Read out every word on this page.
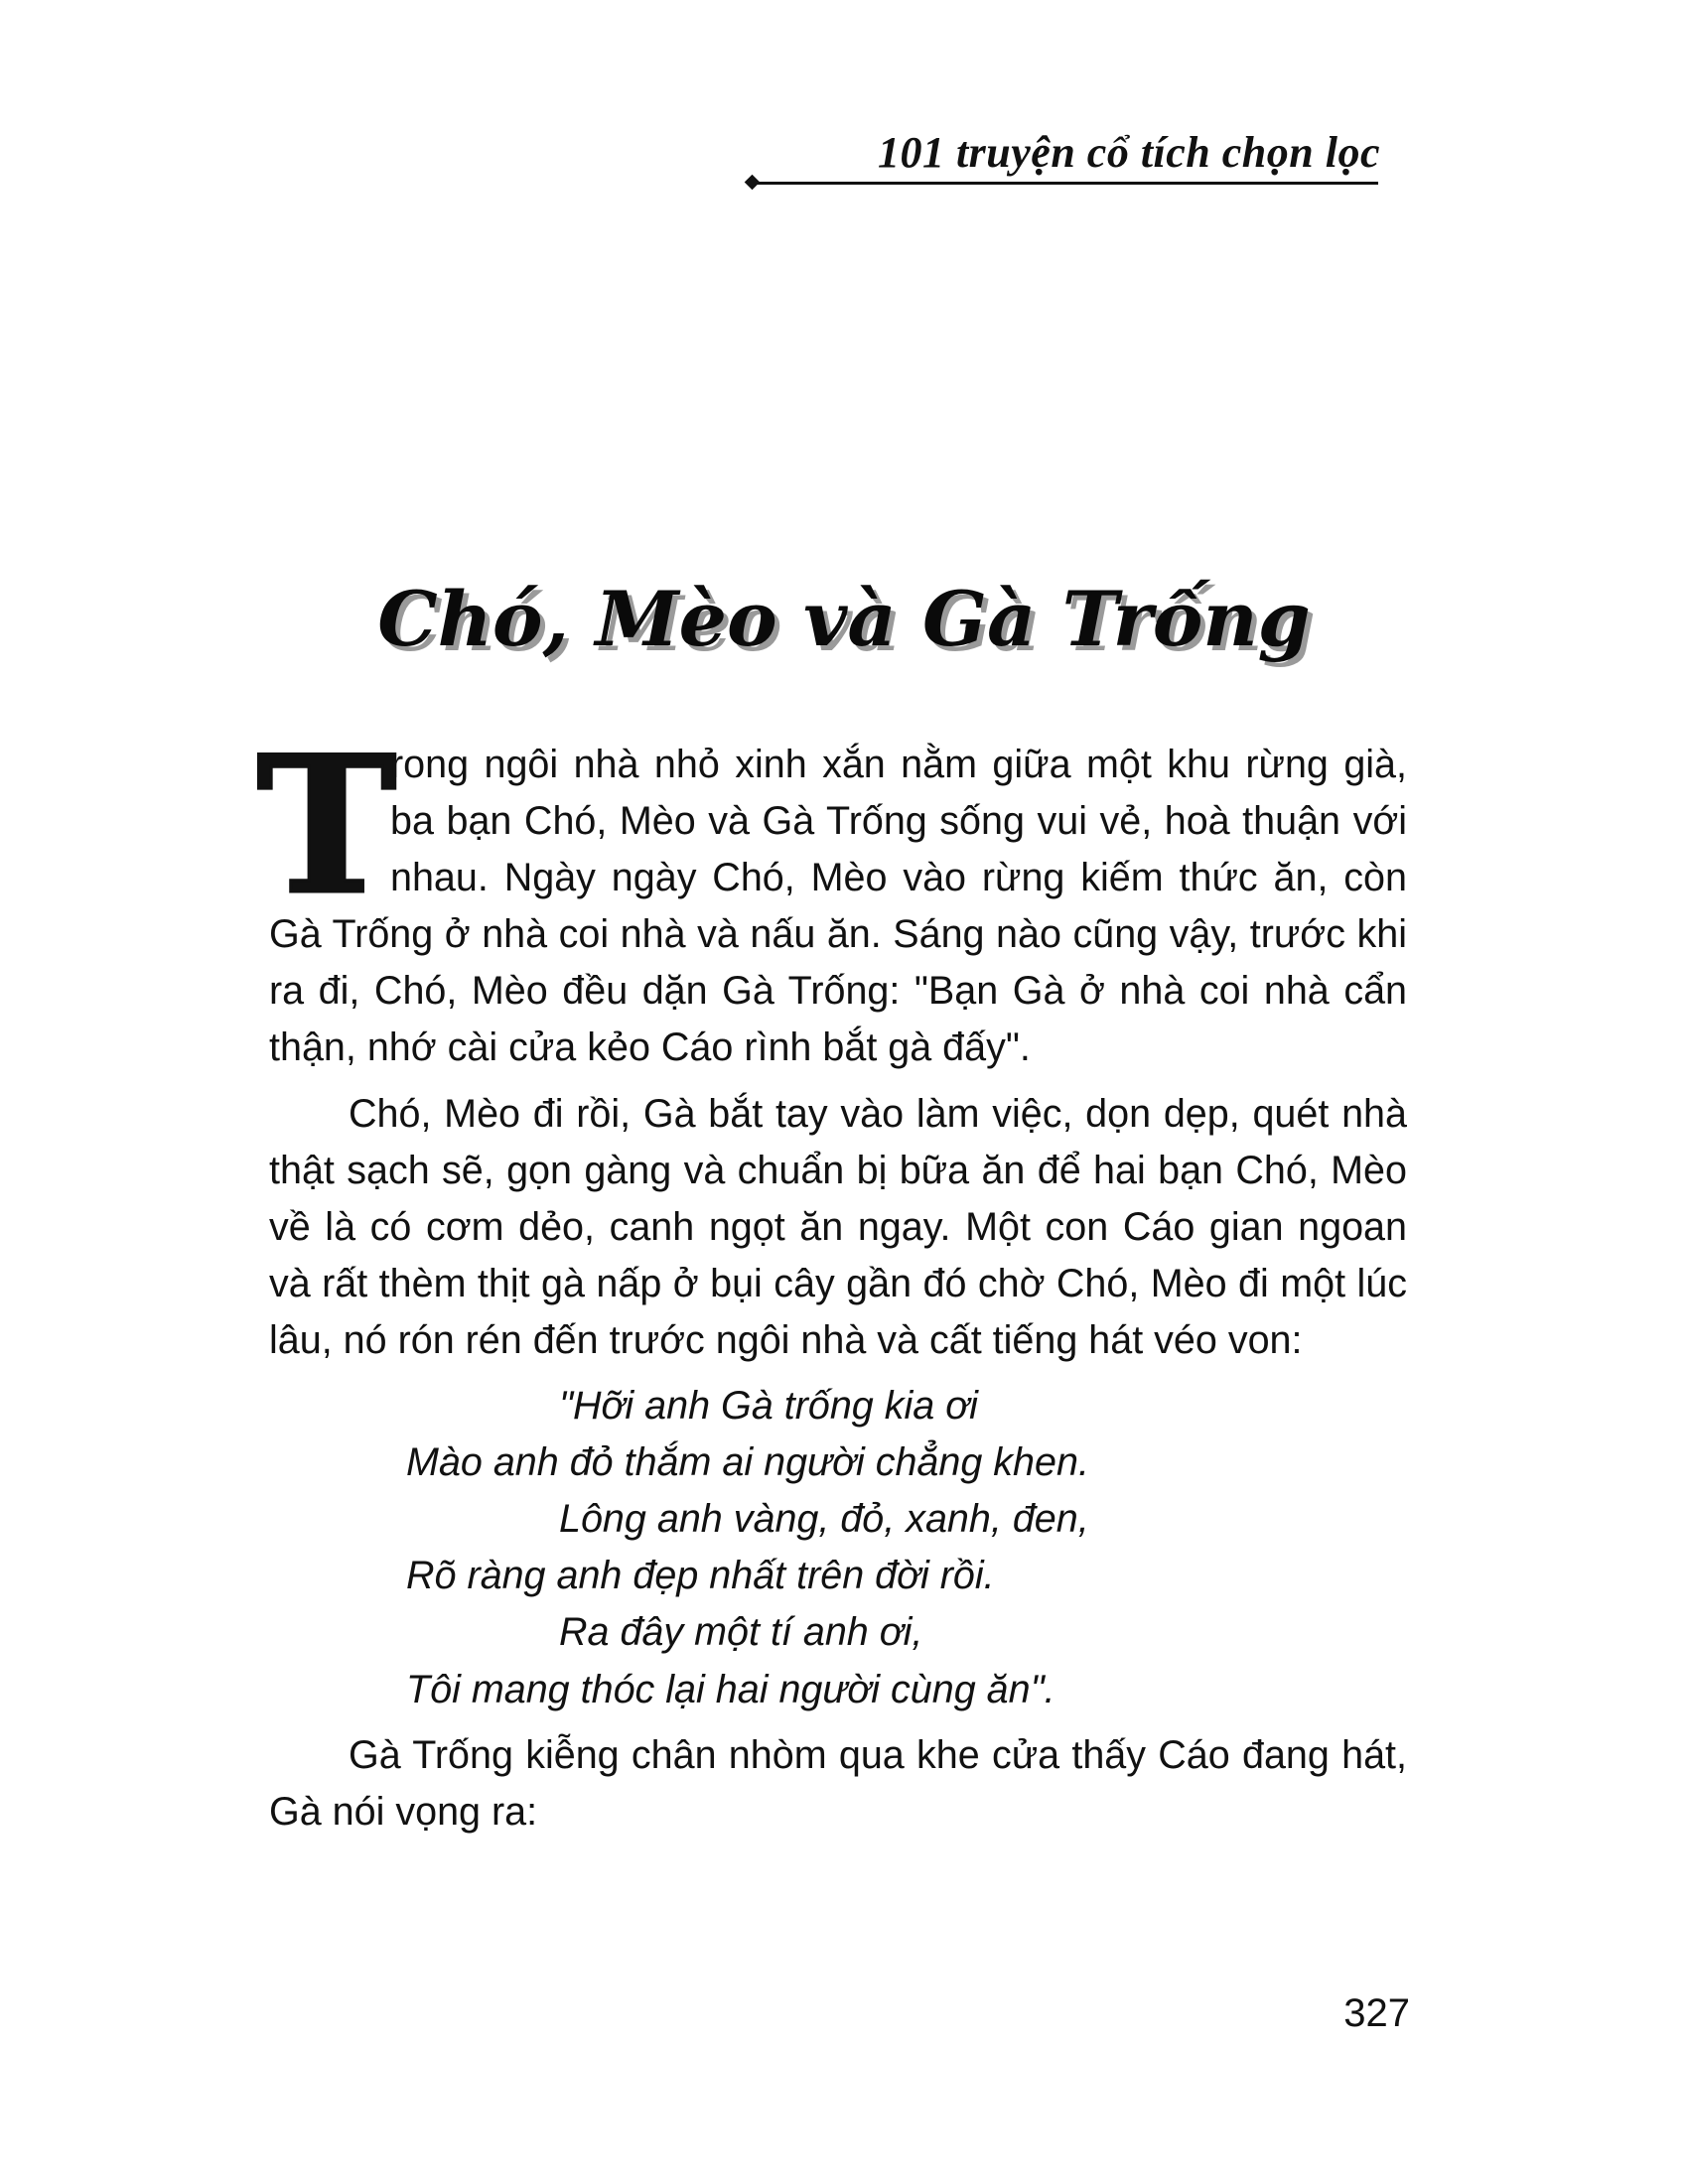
101 truyện cổ tích chọn lọc
Chó, Mèo và Gà Trống

T
rong ngôi nhà nhỏ xinh xắn nằm giữa một khu rừng già, ba bạn Chó, Mèo và Gà Trống sống vui vẻ, hoà thuận với nhau. Ngày ngày Chó, Mèo vào rừng kiếm thức ăn, còn Gà Trống ở nhà coi nhà và nấu ăn. Sáng nào cũng vậy, trước khi ra đi, Chó, Mèo đều dặn Gà Trống: "Bạn Gà ở nhà coi nhà cẩn thận, nhớ cài cửa kẻo Cáo rình bắt gà đấy".

Chó, Mèo đi rồi, Gà bắt tay vào làm việc, dọn dẹp, quét nhà thật sạch sẽ, gọn gàng và chuẩn bị bữa ăn để hai bạn Chó, Mèo về là có cơm dẻo, canh ngọt ăn ngay. Một con Cáo gian ngoan và rất thèm thịt gà nấp ở bụi cây gần đó chờ Chó, Mèo đi một lúc lâu, nó rón rén đến trước ngôi nhà và cất tiếng hát véo von:

"Hỡi anh Gà trống kia ơi
Mào anh đỏ thắm ai người chẳng khen.
Lông anh vàng, đỏ, xanh, đen,
Rõ ràng anh đẹp nhất trên đời rồi.
Ra đây một tí anh ơi,
Tôi mang thóc lại hai người cùng ăn".

Gà Trống kiễng chân nhòm qua khe cửa thấy Cáo đang hát, Gà nói vọng ra:

327
